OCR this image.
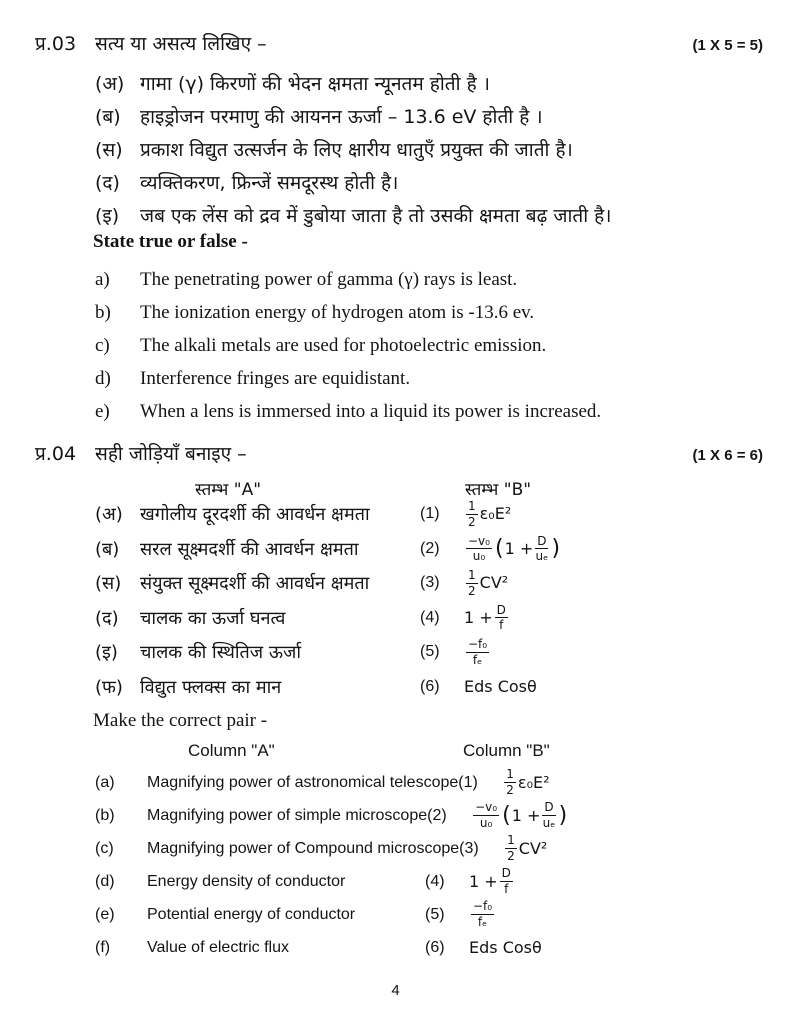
प्र.03 सत्य या असत्य लिखिए –	(1 X 5 = 5)
(अ) गामा (γ) किरणों की भेदन क्षमता न्यूनतम होती है ।
(ब)	हाइड्रोजन परमाणु की आयनन ऊर्जा – 13.6 eV होती है ।
(स) प्रकाश विद्युत उत्सर्जन के लिए क्षारीय धातुएँ प्रयुक्त की जाती है।
(द)	व्यक्तिकरण, फ्रिन्जें समदूरस्थ होती है।
(इ)	जब एक लेंस को द्रव में डुबोया जाता है तो उसकी क्षमता बढ़ जाती है।
State true or false -
a)	The penetrating power of gamma (γ) rays is least.
b)	The ionization energy of hydrogen atom is -13.6 ev.
c)	The alkali metals are used for photoelectric emission.
d)	Interference fringes are equidistant.
e)	When a lens is immersed into a liquid its power is increased.
प्र.04 सही जोड़ियाँ बनाइए –	(1 X 6 = 6)
स्तम्भ "A"	स्तम्भ "B"
(अ) खगोलीय दूरदर्शी की आवर्धन क्षमता	(1)	$\frac{1}{2} \varepsilon_0E^2$
(ब)	सरल सूक्ष्मदर्शी की आवर्धन क्षमता	(2)	$\frac{\text{−v₀}}{\text{u₀}}$ ( $1 + \frac{D}{\text{uₑ}}$ )
(स)	संयुक्त सूक्ष्मदर्शी की आवर्धन क्षमता	(3)	$\frac{1}{2} CV^2$
(द)	चालक का ऊर्जा घनत्व	(4)	$1 + \frac{D}{f}$
(इ)	चालक की स्थितिज ऊर्जा	(5)	$\frac{\text{−f₀}}{\text{fₑ}}$
(फ) विद्युत फ्लक्स का मान	(6)	Eds Cosθ
Make the correct pair -
Column "A"	Column "B"
(a)	Magnifying power of astronomical telescope (1)	$\frac{1}{2} \varepsilon_0E^2$
(b)	Magnifying power of simple microscope (2)	$\frac{\text{−v₀}}{\text{u₀}}$ ( $1 + \frac{D}{\text{uₑ}}$ )
(c)	Magnifying power of Compound microscope (3)	$\frac{1}{2} CV^2$
(d)	Energy density of conductor	(4)	$1 + \frac{D}{f}$
(e)	Potential energy of conductor	(5)	$\frac{\text{−f₀}}{\text{fₑ}}$
(f)	Value of electric flux	(6)	Eds Cosθ
4
